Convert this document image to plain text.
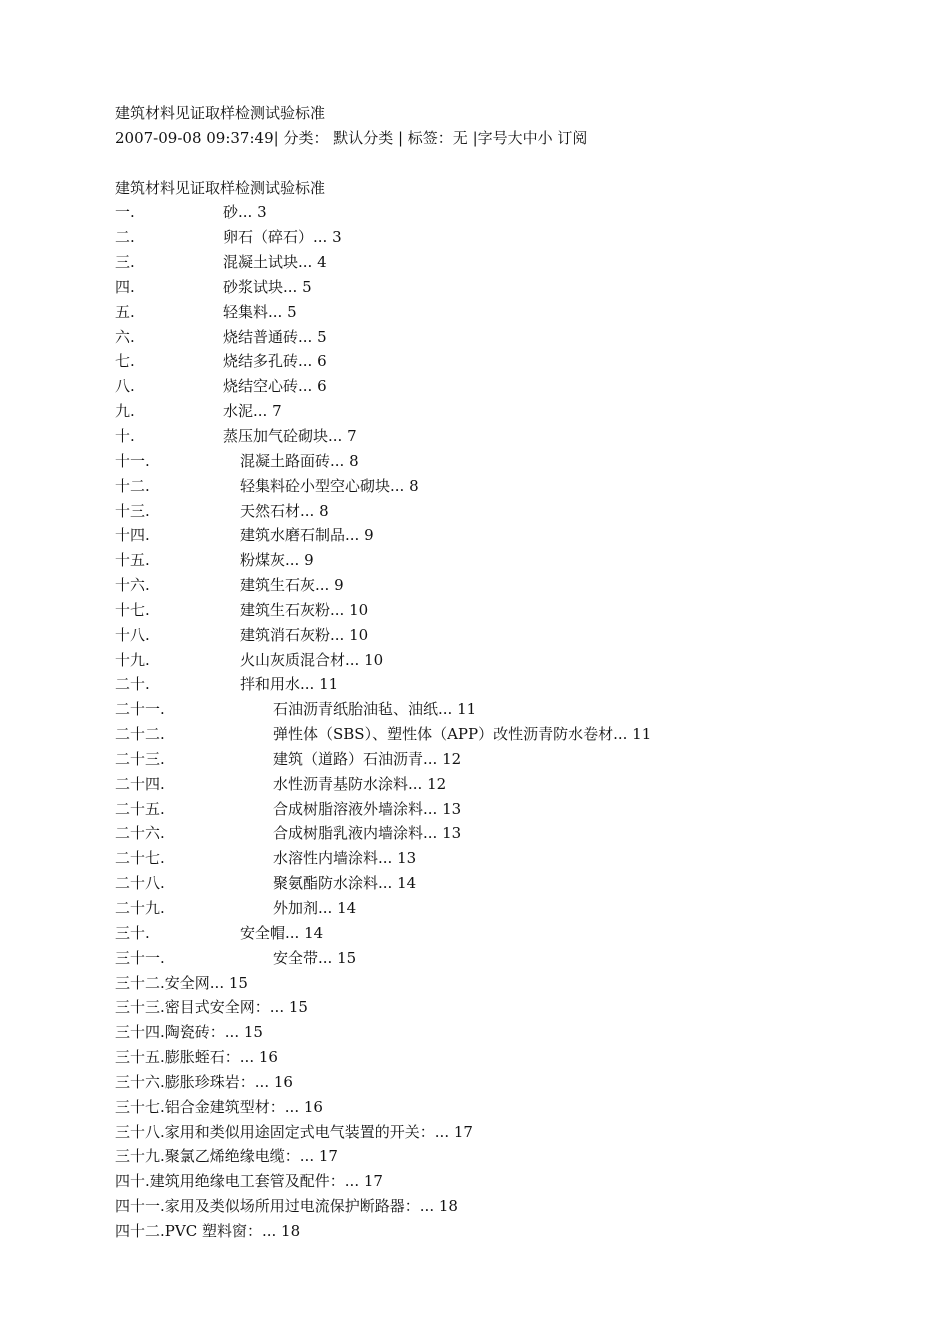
建筑材料见证取样检测试验标准
2007-09-08 09:37:49| 分类： 默认分类 | 标签：无 |字号大中小 订阅
建筑材料见证取样检测试验标准
一.	砂... 3
二.	卵石（碎石）... 3
三.	混凝土试块... 4
四.	砂浆试块... 5
五.	轻集料... 5
六.	烧结普通砖... 5
七.	烧结多孔砖... 6
八.	烧结空心砖... 6
九.	水泥... 7
十.	蒸压加气砼砌块... 7
十一.	混凝土路面砖... 8
十二.	轻集料砼小型空心砌块... 8
十三.	天然石材... 8
十四.	建筑水磨石制品... 9
十五.	粉煤灰... 9
十六.	建筑生石灰... 9
十七.	建筑生石灰粉... 10
十八.	建筑消石灰粉... 10
十九.	火山灰质混合材... 10
二十.	拌和用水... 11
二十一.	石油沥青纸胎油毡、油纸... 11
二十二.	弹性体（SBS）、塑性体（APP）改性沥青防水卷材... 11
二十三.	建筑（道路）石油沥青... 12
二十四.	水性沥青基防水涂料... 12
二十五.	合成树脂溶液外墙涂料... 13
二十六.	合成树脂乳液内墙涂料... 13
二十七.	水溶性内墙涂料... 13
二十八.	聚氨酯防水涂料... 14
二十九.	外加剂... 14
三十.	安全帽... 14
三十一.	安全带... 15
三十二.安全网... 15
三十三.密目式安全网：... 15
三十四.陶瓷砖：... 15
三十五.膨胀蛭石：... 16
三十六.膨胀珍珠岩：... 16
三十七.铝合金建筑型材：... 16
三十八.家用和类似用途固定式电气装置的开关：... 17
三十九.聚氯乙烯绝缘电缆：... 17
四十.建筑用绝缘电工套管及配件：... 17
四十一.家用及类似场所用过电流保护断路器：... 18
四十二.PVC 塑料窗：... 18
